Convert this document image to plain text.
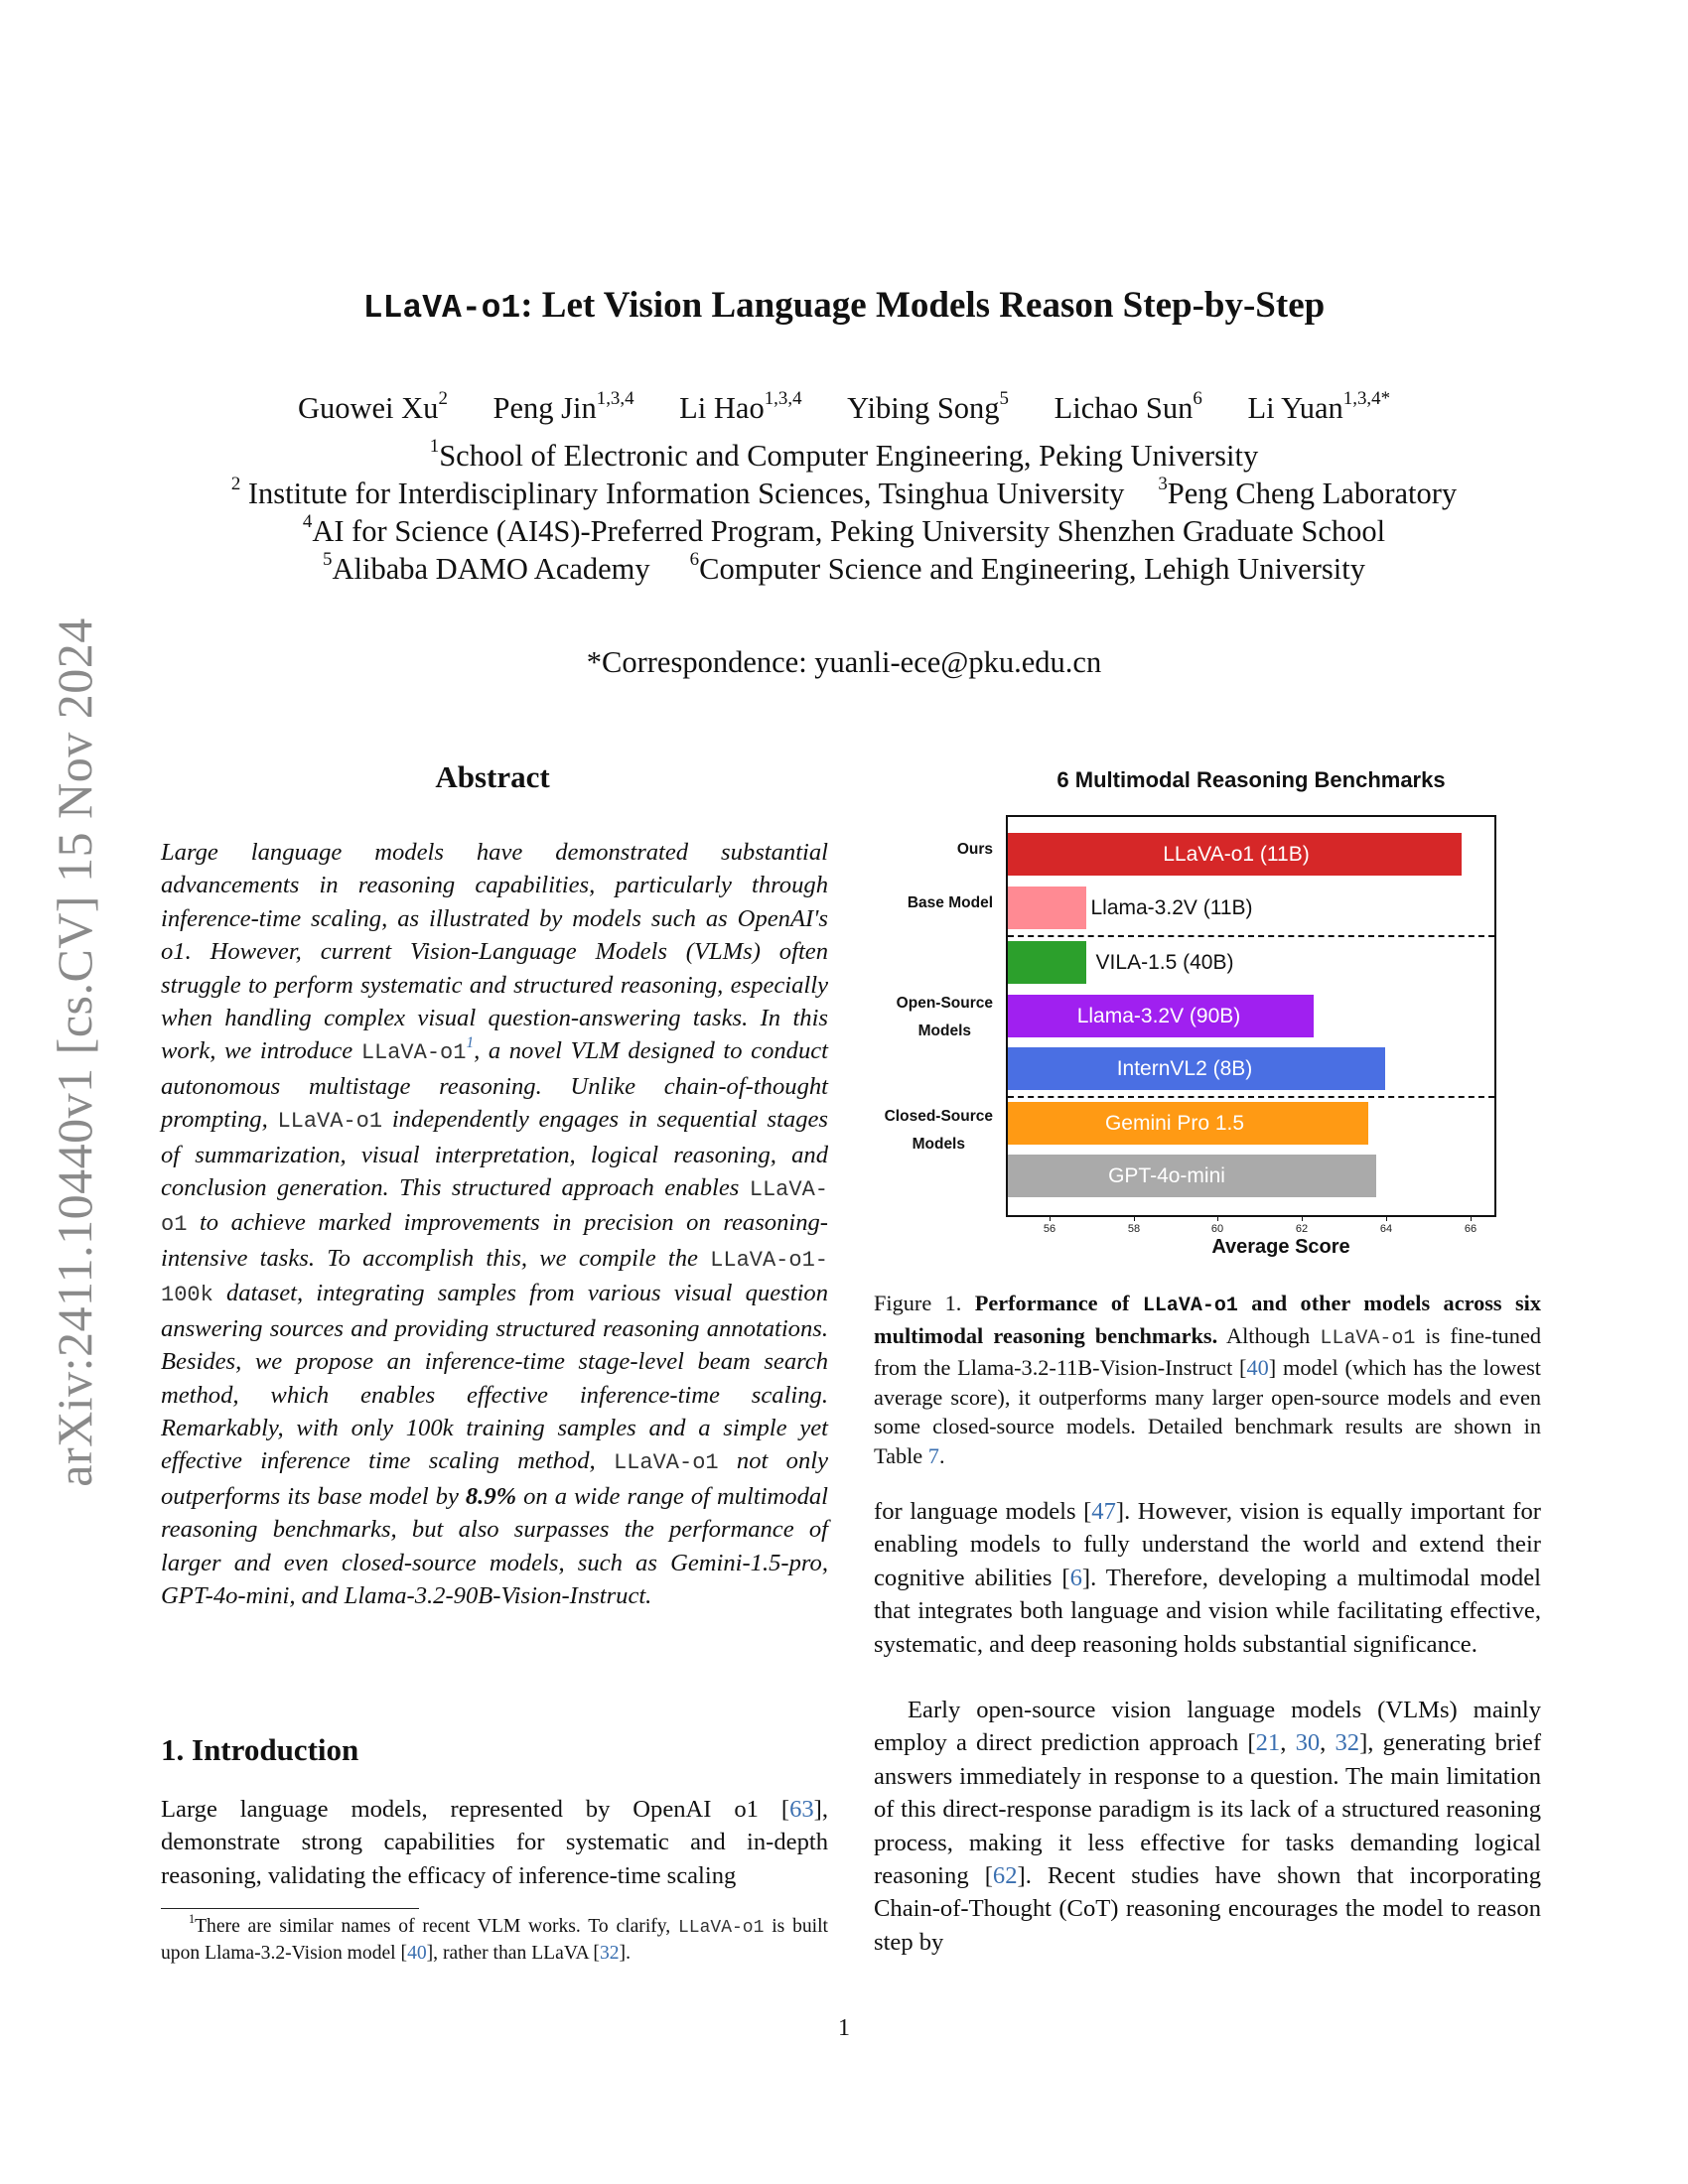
arXiv:2411.10440v1 [cs.CV] 15 Nov 2024
LLaVA-o1: Let Vision Language Models Reason Step-by-Step
Guowei Xu$^2$ Peng Jin$^{1,3,4}$ Li Hao$^{1,3,4}$ Yibing Song$^5$ Lichao Sun$^6$ Li Yuan$^{1,3,4*}$
$^1$School of Electronic and Computer Engineering, Peking University
$^2$ Institute for Interdisciplinary Information Sciences, Tsinghua University $^3$Peng Cheng Laboratory
$^4$AI for Science (AI4S)-Preferred Program, Peking University Shenzhen Graduate School
$^5$Alibaba DAMO Academy $^6$Computer Science and Engineering, Lehigh University
*Correspondence: yuanli-ece@pku.edu.cn
Abstract

Large language models have demonstrated substantial advancements in reasoning capabilities, particularly through inference-time scaling, as illustrated by models such as OpenAI's o1. However, current Vision-Language Models (VLMs) often struggle to perform systematic and structured reasoning, especially when handling complex visual question-answering tasks. In this work, we introduce LLaVA-o1$^1$, a novel VLM designed to conduct autonomous multistage reasoning. Unlike chain-of-thought prompting, LLaVA-o1 independently engages in sequential stages of summarization, visual interpretation, logical reasoning, and conclusion generation. This structured approach enables LLaVA-o1 to achieve marked improvements in precision on reasoning-intensive tasks. To accomplish this, we compile the LLaVA-o1-100k dataset, integrating samples from various visual question answering sources and providing structured reasoning annotations. Besides, we propose an inference-time stage-level beam search method, which enables effective inference-time scaling. Remarkably, with only 100k training samples and a simple yet effective inference time scaling method, LLaVA-o1 not only outperforms its base model by 8.9% on a wide range of multimodal reasoning benchmarks, but also surpasses the performance of larger and even closed-source models, such as Gemini-1.5-pro, GPT-4o-mini, and Llama-3.2-90B-Vision-Instruct.

1. Introduction

Large language models, represented by OpenAI o1 [63], demonstrate strong capabilities for systematic and in-depth reasoning, validating the efficacy of inference-time scaling

$^1$There are similar names of recent VLM works. To clarify, LLaVA-o1 is built upon Llama-3.2-Vision model [40], rather than LLaVA [32].
6 Multimodal Reasoning Benchmarks
Ours
Base Model
Open-Source
Models
Closed-Source
Models
LLaVA-o1 (11B)
Llama-3.2V (11B)
VILA-1.5 (40B)
Llama-3.2V (90B)
InternVL2 (8B)
Gemini Pro 1.5
GPT-4o-mini
56	58	60	62	64	66
Average Score
Figure 1. Performance of LLaVA-o1 and other models across six multimodal reasoning benchmarks. Although LLaVA-o1 is fine-tuned from the Llama-3.2-11B-Vision-Instruct [40] model (which has the lowest average score), it outperforms many larger open-source models and even some closed-source models. Detailed benchmark results are shown in Table 7.

for language models [47]. However, vision is equally important for enabling models to fully understand the world and extend their cognitive abilities [6]. Therefore, developing a multimodal model that integrates both language and vision while facilitating effective, systematic, and deep reasoning holds substantial significance.

Early open-source vision language models (VLMs) mainly employ a direct prediction approach [21, 30, 32], generating brief answers immediately in response to a question. The main limitation of this direct-response paradigm is its lack of a structured reasoning process, making it less effective for tasks demanding logical reasoning [62]. Recent studies have shown that incorporating Chain-of-Thought (CoT) reasoning encourages the model to reason step by

1
